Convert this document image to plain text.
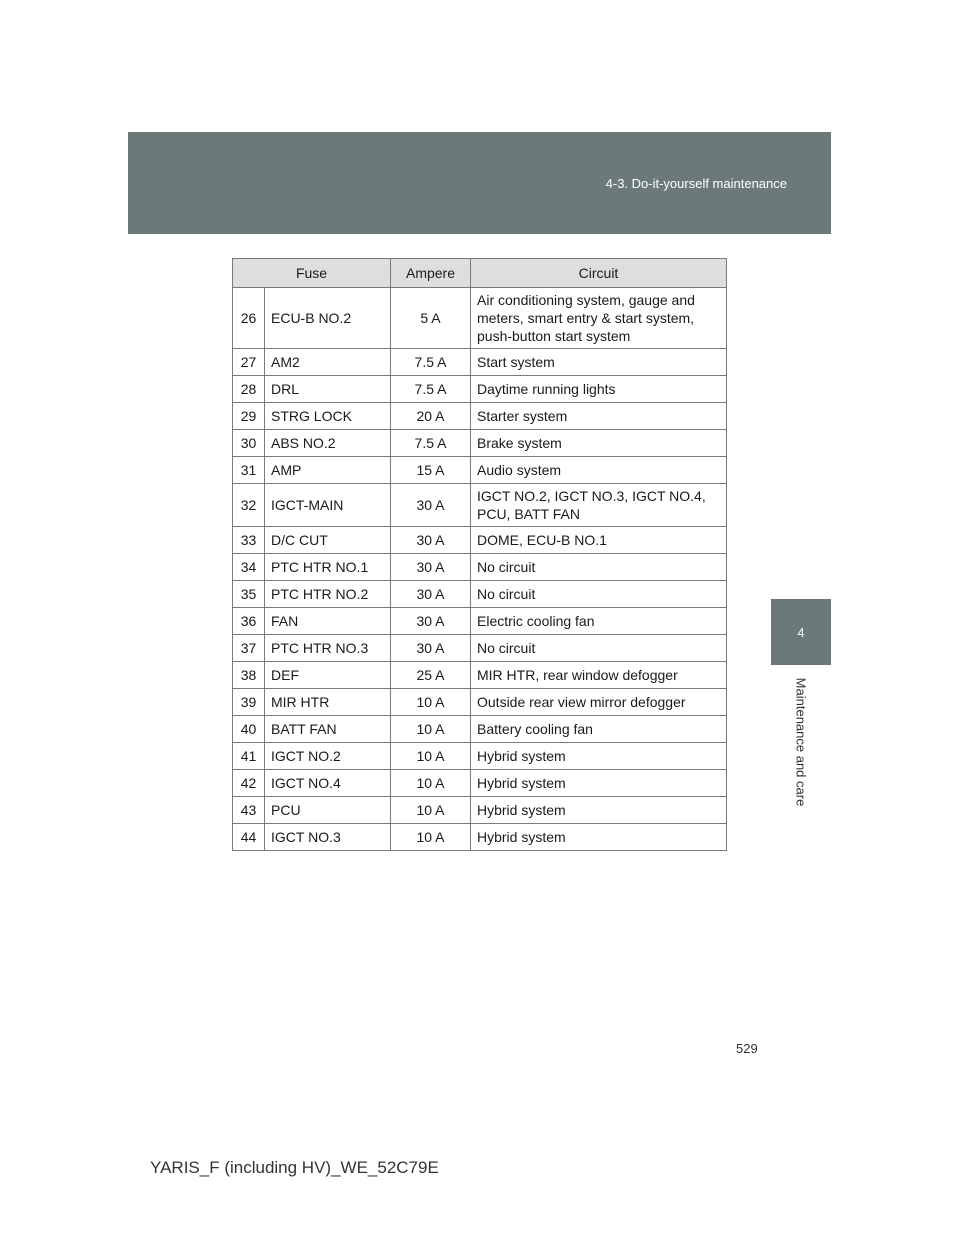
4-3. Do-it-yourself maintenance
4
Maintenance and care
Fuse		Ampere	Circuit
26	ECU-B NO.2	5 A	Air conditioning system, gauge and meters, smart entry & start system, push-button start system
27	AM2	7.5 A	Start system
28	DRL	7.5 A	Daytime running lights
29	STRG LOCK	20 A	Starter system
30	ABS NO.2	7.5 A	Brake system
31	AMP	15 A	Audio system
32	IGCT-MAIN	30 A	IGCT NO.2, IGCT NO.3, IGCT NO.4, PCU, BATT FAN
33	D/C CUT	30 A	DOME, ECU-B NO.1
34	PTC HTR NO.1	30 A	No circuit
35	PTC HTR NO.2	30 A	No circuit
36	FAN	30 A	Electric cooling fan
37	PTC HTR NO.3	30 A	No circuit
38	DEF	25 A	MIR HTR, rear window defogger
39	MIR HTR	10 A	Outside rear view mirror defogger
40	BATT FAN	10 A	Battery cooling fan
41	IGCT NO.2	10 A	Hybrid system
42	IGCT NO.4	10 A	Hybrid system
43	PCU	10 A	Hybrid system
44	IGCT NO.3	10 A	Hybrid system
529
YARIS_F (including HV)_WE_52C79E
